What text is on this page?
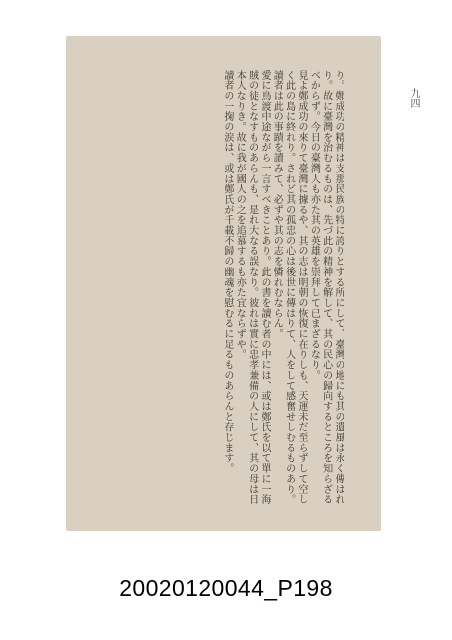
九四

り。鄭成功の精神は支那民族の特に誇りとする所にして、臺灣の地にも其の遺風は永く傳はれり。故に臺灣を治むるものは、先づ此の精神を解して、其の民心の歸向するところを知らざるべからず。今日の臺灣人も亦た其の英雄を崇拜して已まざるなり。

見よ鄭成功の來りて臺灣に據るや、其の志は明朝の恢復に在りしも、天運未だ至らずして空しく此の島に終れり。されど其の孤忠の心は後世に傳はりて、人をして感奮せしむるものあり。讀者は此の事蹟を讀みて、必ずや其の志を憐れむならん。

愛に鳥渡中途ながら一言すべきことあり。此の書を讀む者の中には、或は鄭氏を以て單に一海賊の徒となすものあらんも、是れ大なる誤なり。彼れは實に忠孝兼備の人にして、其の母は日本人なりき。故に我が國人の之を追慕するも亦た宜ならずや。

讀者の一掬の涙は、或は鄭氏が千載不歸の幽魂を慰むるに足るものあらんと存じます。

20020120044_P198
